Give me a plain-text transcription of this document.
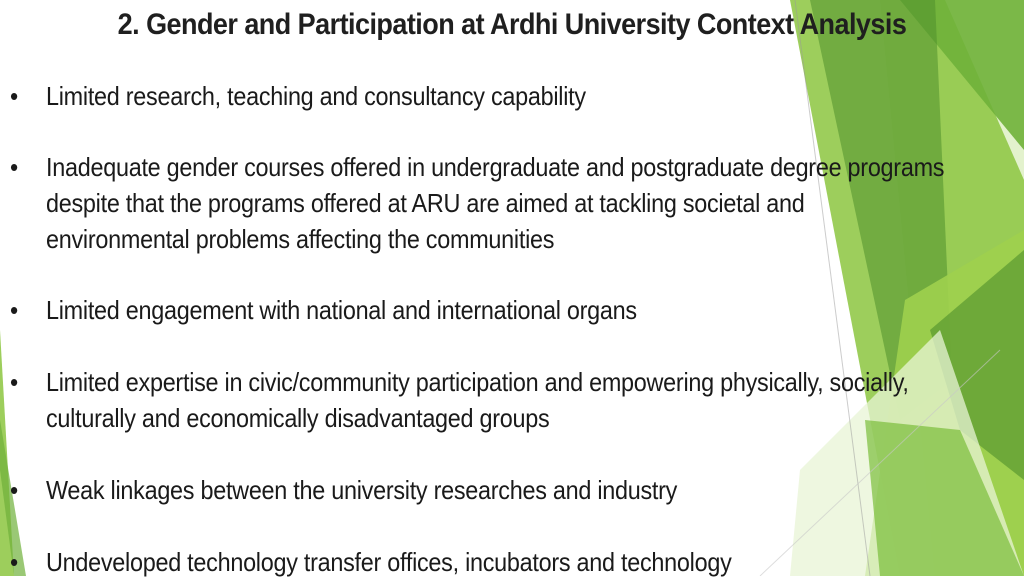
2. Gender and Participation at Ardhi University Context Analysis
•	Limited research, teaching and consultancy capability
•	Inadequate gender courses offered in undergraduate and postgraduate degree programs
despite that the programs offered at ARU are aimed at tackling societal and
environmental problems affecting the communities
•	Limited engagement with national and international organs
•	Limited expertise in civic/community participation and empowering physically, socially,
culturally and economically disadvantaged groups
•	Weak linkages between the university researches and industry
•	Undeveloped technology transfer offices, incubators and technology
